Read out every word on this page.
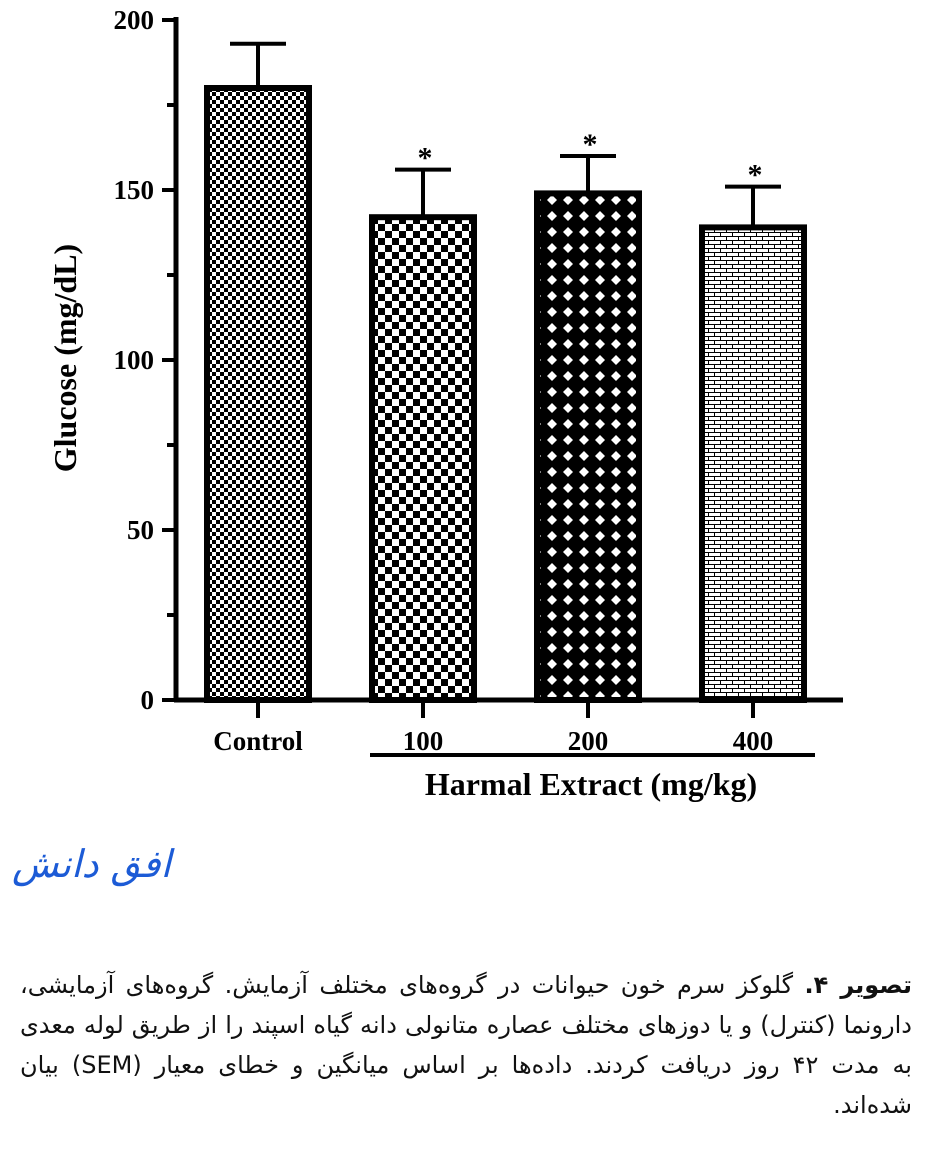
0
50
100
150
200
*	*
*
Control	100	200	400
Harmal Extract (mg/kg)
Glucose (mg/dL)
افق دانش
تصویر ۴. گلوکز سرم خون حیوانات در گروه‌های مختلف آزمایش. گروه‌های آزمایشی، دارونما (کنترل) و یا دوزهای مختلف عصاره متانولی دانه گیاه اسپند را از طریق لوله معدی به مدت ۴۲ روز دریافت کردند. داده‌ها بر اساس میانگین و خطای معیار (SEM) بیان شده‌اند.
